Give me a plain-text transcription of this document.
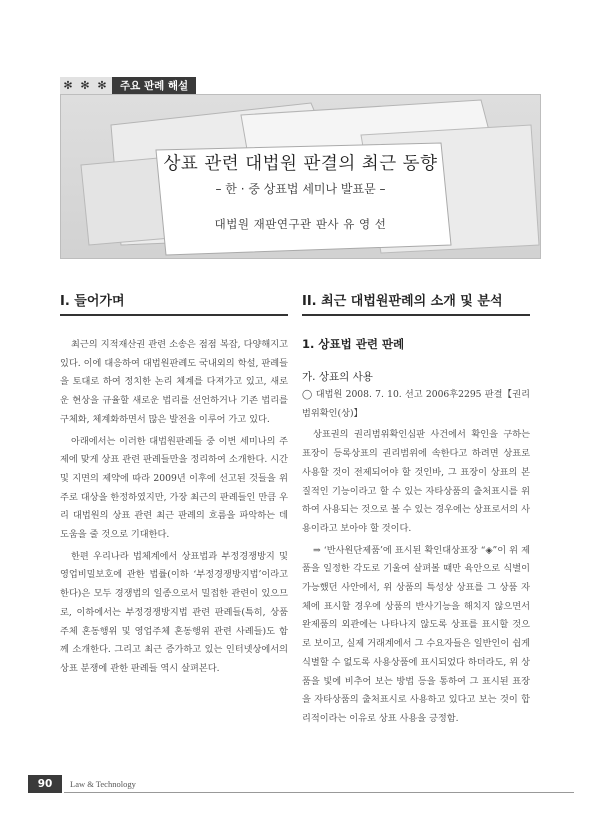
✻ ✻ ✻	주요 판례 해설
상표 관련 대법원 판결의 최근 동향
– 한 · 중 상표법 세미나 발표문 –
대법원 재판연구관 판사 유 영 선
I. 들어가며

최근의 지적재산권 관련 소송은 점점 복잡, 다양해지고 있다. 이에 대응하여 대법원판례도 국내외의 학설, 판례들을 토대로 하여 정치한 논리 체계를 다져가고 있고, 새로운 현상을 규율할 새로운 법리를 선언하거나 기존 법리를 구체화, 체계화하면서 많은 발전을 이루어 가고 있다.

아래에서는 이러한 대법원판례들 중 이번 세미나의 주제에 맞게 상표 관련 판례들만을 정리하여 소개한다. 시간 및 지면의 제약에 따라 2009년 이후에 선고된 것들을 위주로 대상을 한정하였지만, 가장 최근의 판례들인 만큼 우리 대법원의 상표 관련 최근 판례의 흐름을 파악하는 데 도움을 줄 것으로 기대한다.

한편 우리나라 법체계에서 상표법과 부정경쟁방지 및 영업비밀보호에 관한 법률(이하 ‘부정경쟁방지법’이라고 한다)은 모두 경쟁법의 일종으로서 밀접한 관련이 있으므로, 이하에서는 부정경쟁방지법 관련 판례들(특히, 상품주체 혼동행위 및 영업주체 혼동행위 관련 사례들)도 함께 소개한다. 그리고 최근 증가하고 있는 인터넷상에서의 상표 분쟁에 관한 판례들 역시 살펴본다.

II. 최근 대법원판례의 소개 및 분석
1. 상표법 관련 판례
가. 상표의 사용

◯ 대법원 2008. 7. 10. 선고 2006후2295 판결【권리범위확인(상)】

상표권의 권리범위확인심판 사건에서 확인을 구하는 표장이 등록상표의 권리범위에 속한다고 하려면 상표로 사용할 것이 전제되어야 할 것인바, 그 표장이 상표의 본질적인 기능이라고 할 수 있는 자타상품의 출처표시를 위하여 사용되는 것으로 볼 수 있는 경우에는 상표로서의 사용이라고 보아야 할 것이다.

⇒ ‘반사원단제품’에 표시된 확인대상표장 “◈”이 위 제품을 일정한 각도로 기울여 살펴볼 때만 육안으로 식별이 가능했던 사안에서, 위 상품의 특성상 상표를 그 상품 자체에 표시할 경우에 상품의 반사기능을 해치지 않으면서 완제품의 외관에는 나타나지 않도록 상표를 표시할 것으로 보이고, 실제 거래계에서 그 수요자들은 일반인이 쉽게 식별할 수 없도록 사용상품에 표시되었다 하더라도, 위 상품을 빛에 비추어 보는 방법 등을 통하여 그 표시된 표장을 자타상품의 출처표시로 사용하고 있다고 보는 것이 합리적이라는 이유로 상표 사용을 긍정함.

90	Law & Technology
